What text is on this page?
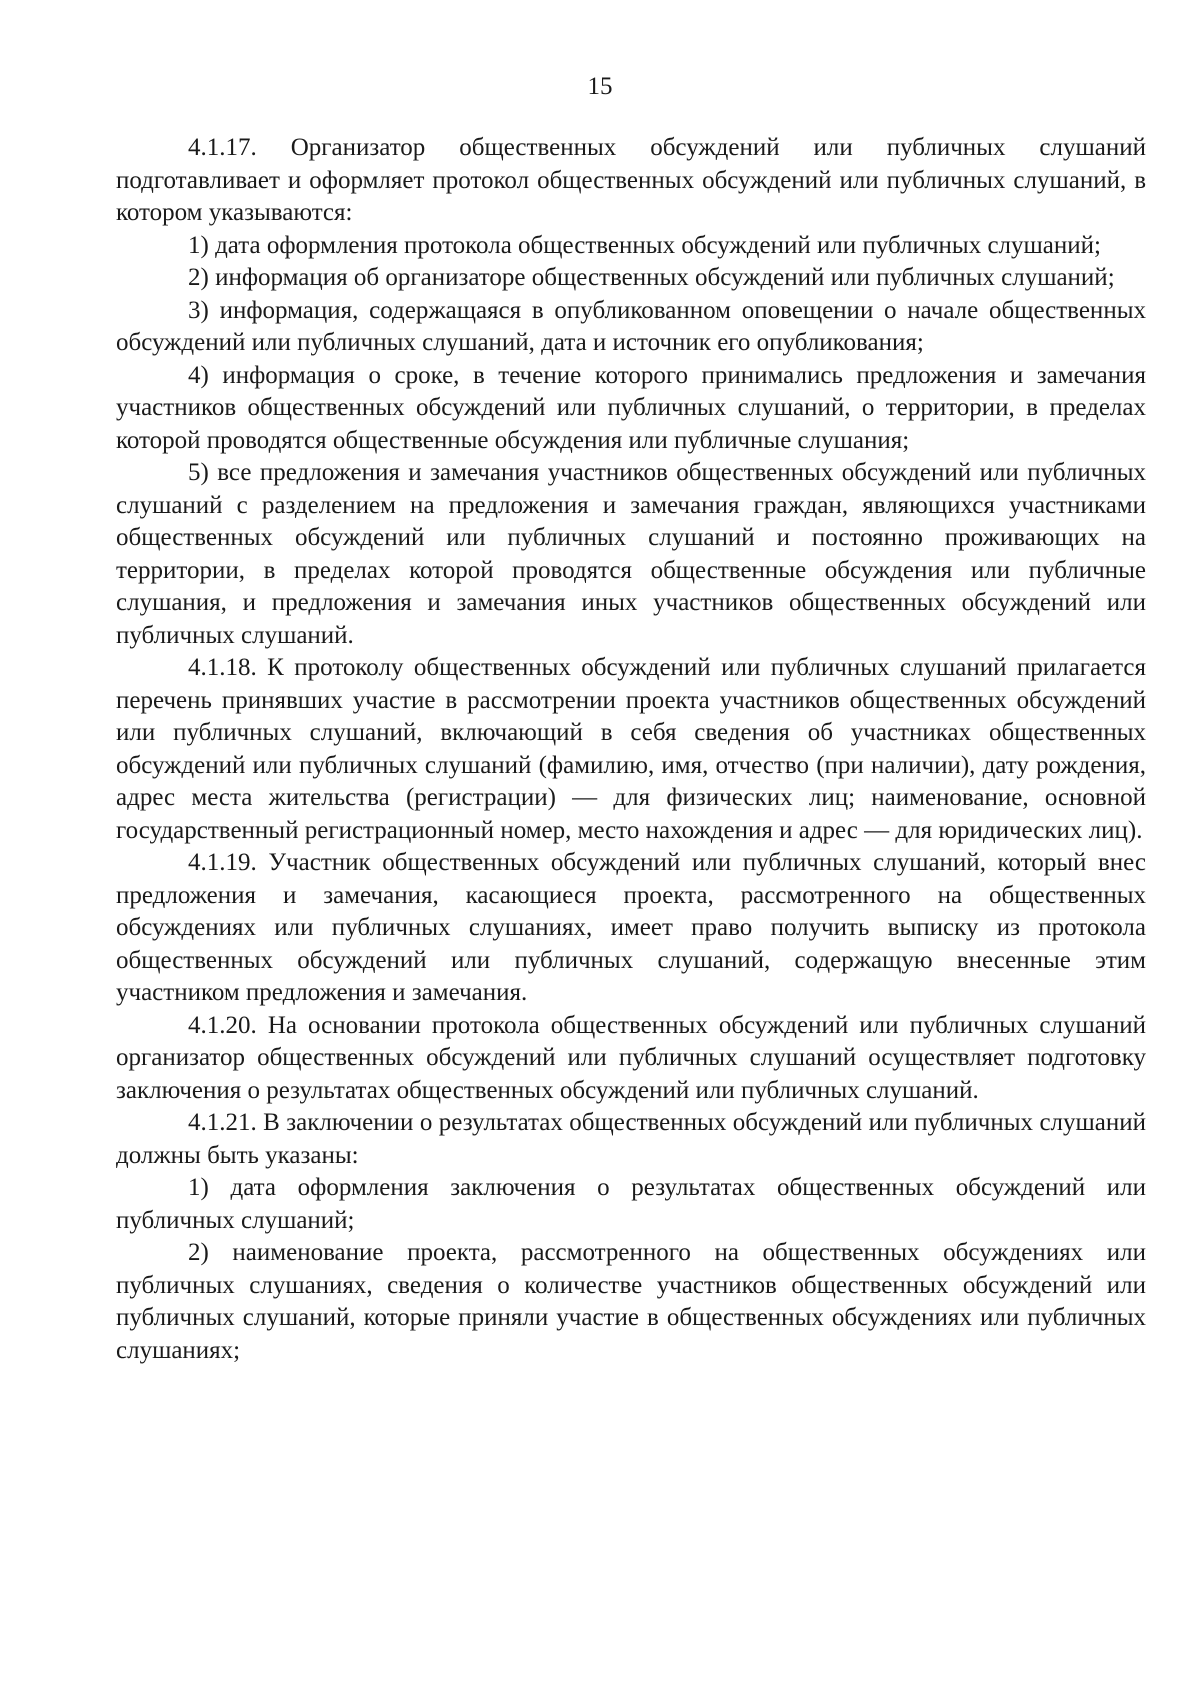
15

4.1.17. Организатор общественных обсуждений или публичных слушаний подготавливает и оформляет протокол общественных обсуждений или публичных слушаний, в котором указываются:

1) дата оформления протокола общественных обсуждений или публичных слушаний;

2) информация об организаторе общественных обсуждений или публичных слушаний;

3) информация, содержащаяся в опубликованном оповещении о начале общественных обсуждений или публичных слушаний, дата и источник его опубликования;

4) информация о сроке, в течение которого принимались предложения и замечания участников общественных обсуждений или публичных слушаний, о территории, в пределах которой проводятся общественные обсуждения или публичные слушания;

5) все предложения и замечания участников общественных обсуждений или публичных слушаний с разделением на предложения и замечания граждан, являющихся участниками общественных обсуждений или публичных слушаний и постоянно проживающих на территории, в пределах которой проводятся общественные обсуждения или публичные слушания, и предложения и замечания иных участников общественных обсуждений или публичных слушаний.

4.1.18. К протоколу общественных обсуждений или публичных слушаний прилагается перечень принявших участие в рассмотрении проекта участников общественных обсуждений или публичных слушаний, включающий в себя сведения об участниках общественных обсуждений или публичных слушаний (фамилию, имя, отчество (при наличии), дату рождения, адрес места жительства (регистрации) — для физических лиц; наименование, основной государственный регистрационный номер, место нахождения и адрес — для юридических лиц).

4.1.19. Участник общественных обсуждений или публичных слушаний, который внес предложения и замечания, касающиеся проекта, рассмотренного на общественных обсуждениях или публичных слушаниях, имеет право получить выписку из протокола общественных обсуждений или публичных слушаний, содержащую внесенные этим участником предложения и замечания.

4.1.20. На основании протокола общественных обсуждений или публичных слушаний организатор общественных обсуждений или публичных слушаний осуществляет подготовку заключения о результатах общественных обсуждений или публичных слушаний.

4.1.21. В заключении о результатах общественных обсуждений или публичных слушаний должны быть указаны:

1) дата оформления заключения о результатах общественных обсуждений или публичных слушаний;

2) наименование проекта, рассмотренного на общественных обсуждениях или публичных слушаниях, сведения о количестве участников общественных обсуждений или публичных слушаний, которые приняли участие в общественных обсуждениях или публичных слушаниях;
